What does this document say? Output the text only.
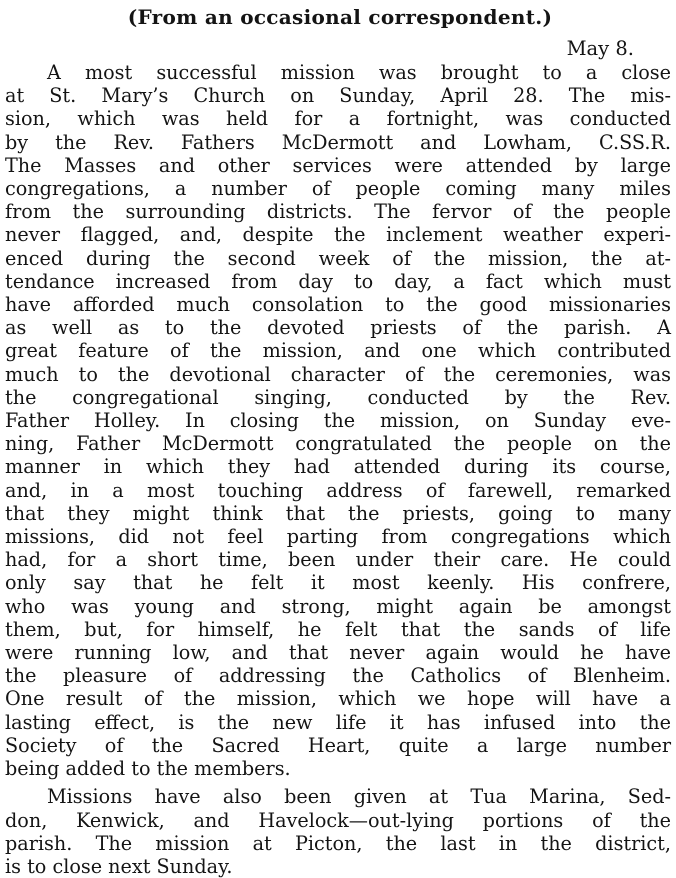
(From an occasional correspondent.)
May 8.
A most successful mission was brought to a close
at St. Mary’s Church on Sunday, April 28. The mis-
sion, which was held for a fortnight, was conducted
by the Rev. Fathers McDermott and Lowham, C.SS.R.
The Masses and other services were attended by large
congregations, a number of people coming many miles
from the surrounding districts. The fervor of the people
never flagged, and, despite the inclement weather experi-
enced during the second week of the mission, the at-
tendance increased from day to day, a fact which must
have afforded much consolation to the good missionaries
as well as to the devoted priests of the parish. A
great feature of the mission, and one which contributed
much to the devotional character of the ceremonies, was
the congregational singing, conducted by the Rev.
Father Holley. In closing the mission, on Sunday eve-
ning, Father McDermott congratulated the people on the
manner in which they had attended during its course,
and, in a most touching address of farewell, remarked
that they might think that the priests, going to many
missions, did not feel parting from congregations which
had, for a short time, been under their care. He could
only say that he felt it most keenly. His confrere,
who was young and strong, might again be amongst
them, but, for himself, he felt that the sands of life
were running low, and that never again would he have
the pleasure of addressing the Catholics of Blenheim.
One result of the mission, which we hope will have a
lasting effect, is the new life it has infused into the
Society of the Sacred Heart, quite a large number
being added to the members.
Missions have also been given at Tua Marina, Sed-
don, Kenwick, and Havelock—out-lying portions of the
parish. The mission at Picton, the last in the district,
is to close next Sunday.
